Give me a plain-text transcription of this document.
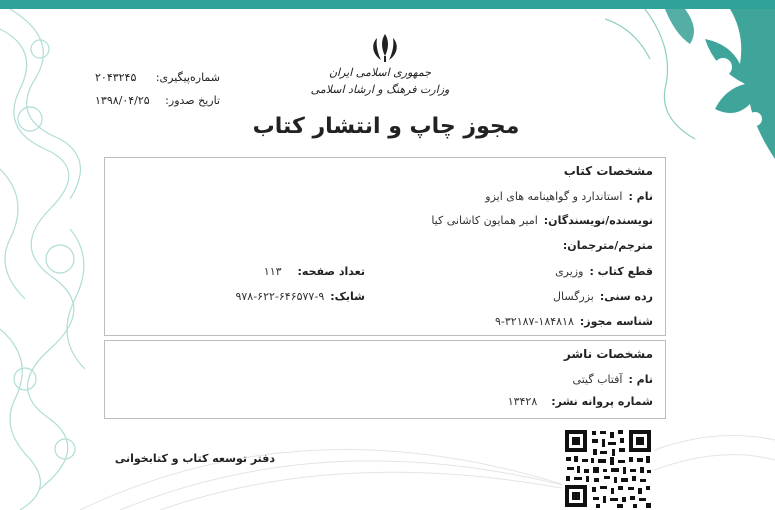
جمهوری اسلامی ایران
وزارت فرهنگ و ارشاد اسلامی
شماره‌پیگیری:
۲۰۴۳۲۴۵
تاریخ صدور:
۱۳۹۸/۰۴/۲۵
مجوز چاپ و انتشار کتاب
مشخصات کتاب
نام :استاندارد و گواهینامه های ایزو
نویسنده/نویسندگان:امیر همایون کاشانی کیا
مترجم/مترجمان:
قطع کتاب :وزیری
تعداد صفحه:۱۱۳
رده سنی:بزرگسال
شابک:۹-۶۴۶۵۷۷-۶۲۲-۹۷۸
شناسه مجوز:۱۸۴۸۱۸-۳۲۱۸۷-۹
مشخصات ناشر
نام :آفتاب گیتی
شماره پروانه نشر:۱۳۴۲۸
دفتر توسعه کتاب و کتابخوانی
